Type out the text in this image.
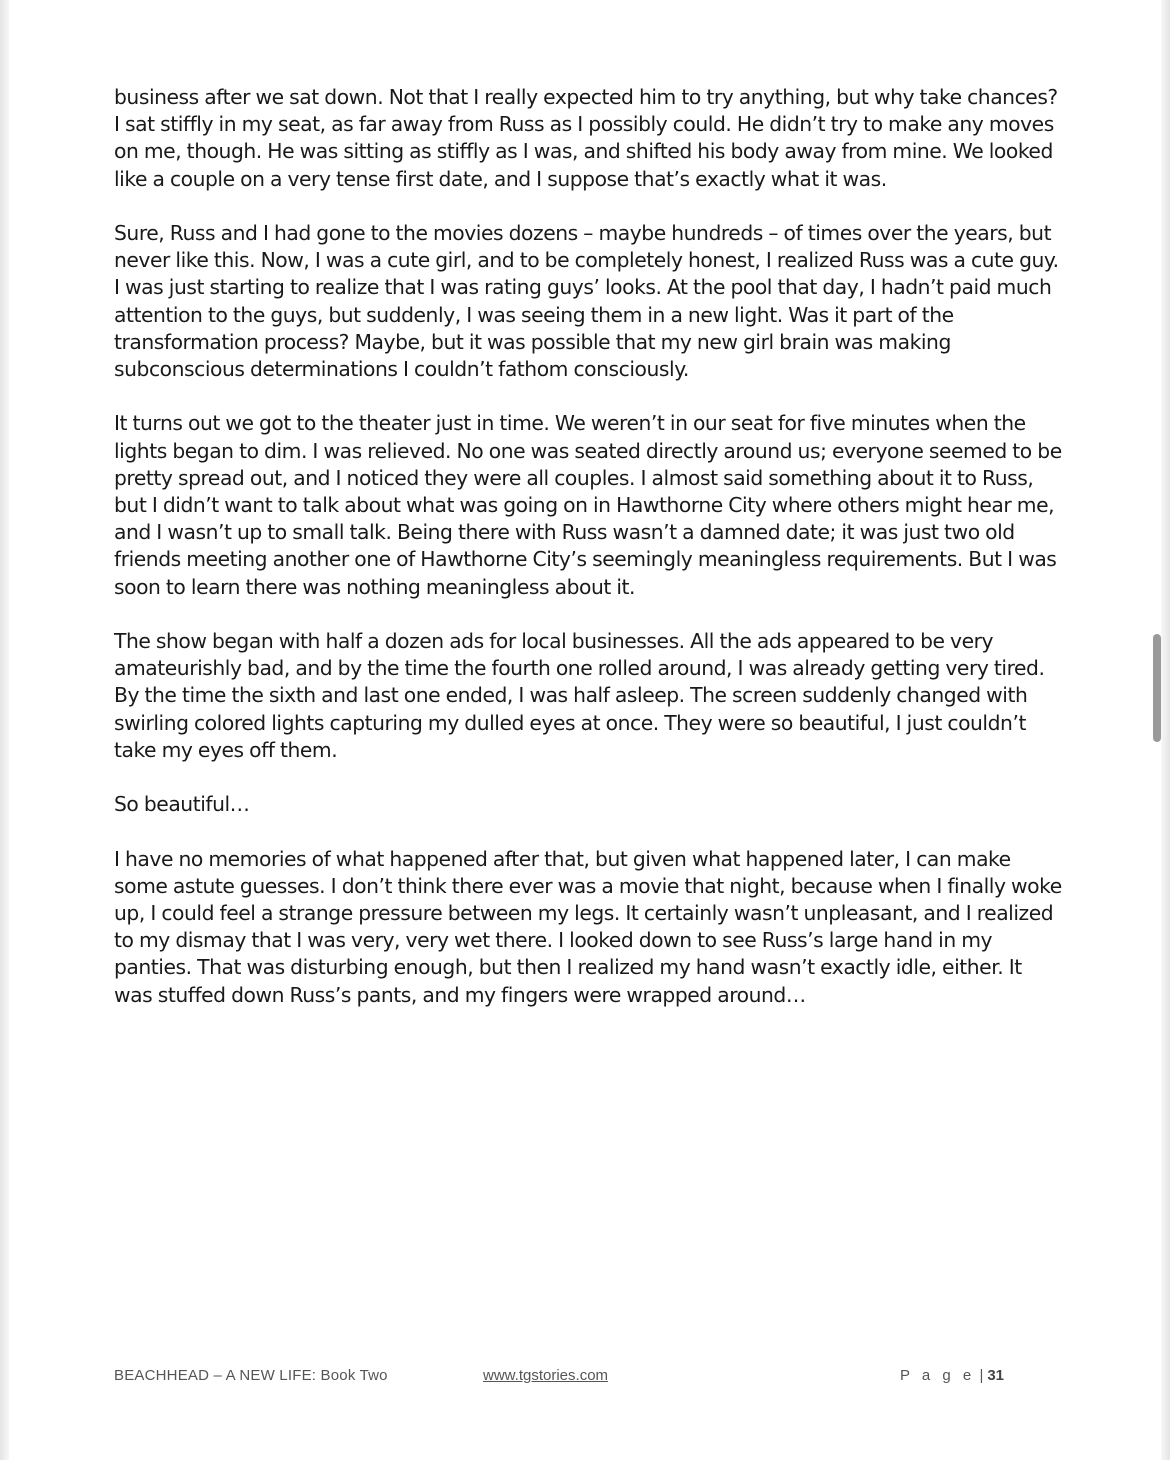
business after we sat down. Not that I really expected him to try anything, but why take chances? I sat stiffly in my seat, as far away from Russ as I possibly could. He didn’t try to make any moves on me, though. He was sitting as stiffly as I was, and shifted his body away from mine. We looked like a couple on a very tense first date, and I suppose that’s exactly what it was.

Sure, Russ and I had gone to the movies dozens – maybe hundreds – of times over the years, but never like this. Now, I was a cute girl, and to be completely honest, I realized Russ was a cute guy. I was just starting to realize that I was rating guys’ looks. At the pool that day, I hadn’t paid much attention to the guys, but suddenly, I was seeing them in a new light. Was it part of the transformation process? Maybe, but it was possible that my new girl brain was making subconscious determinations I couldn’t fathom consciously.

It turns out we got to the theater just in time. We weren’t in our seat for five minutes when the lights began to dim. I was relieved. No one was seated directly around us; everyone seemed to be pretty spread out, and I noticed they were all couples. I almost said something about it to Russ, but I didn’t want to talk about what was going on in Hawthorne City where others might hear me, and I wasn’t up to small talk. Being there with Russ wasn’t a damned date; it was just two old friends meeting another one of Hawthorne City’s seemingly meaningless requirements. But I was soon to learn there was nothing meaningless about it.

The show began with half a dozen ads for local businesses. All the ads appeared to be very amateurishly bad, and by the time the fourth one rolled around, I was already getting very tired. By the time the sixth and last one ended, I was half asleep. The screen suddenly changed with swirling colored lights capturing my dulled eyes at once. They were so beautiful, I just couldn’t take my eyes off them.

So beautiful…

I have no memories of what happened after that, but given what happened later, I can make some astute guesses. I don’t think there ever was a movie that night, because when I finally woke up, I could feel a strange pressure between my legs. It certainly wasn’t unpleasant, and I realized to my dismay that I was very, very wet there. I looked down to see Russ’s large hand in my panties. That was disturbing enough, but then I realized my hand wasn’t exactly idle, either. It was stuffed down Russ’s pants, and my fingers were wrapped around…

BEACHHEAD – A NEW LIFE: Book Two	www.tgstories.com	P a g e | 31
